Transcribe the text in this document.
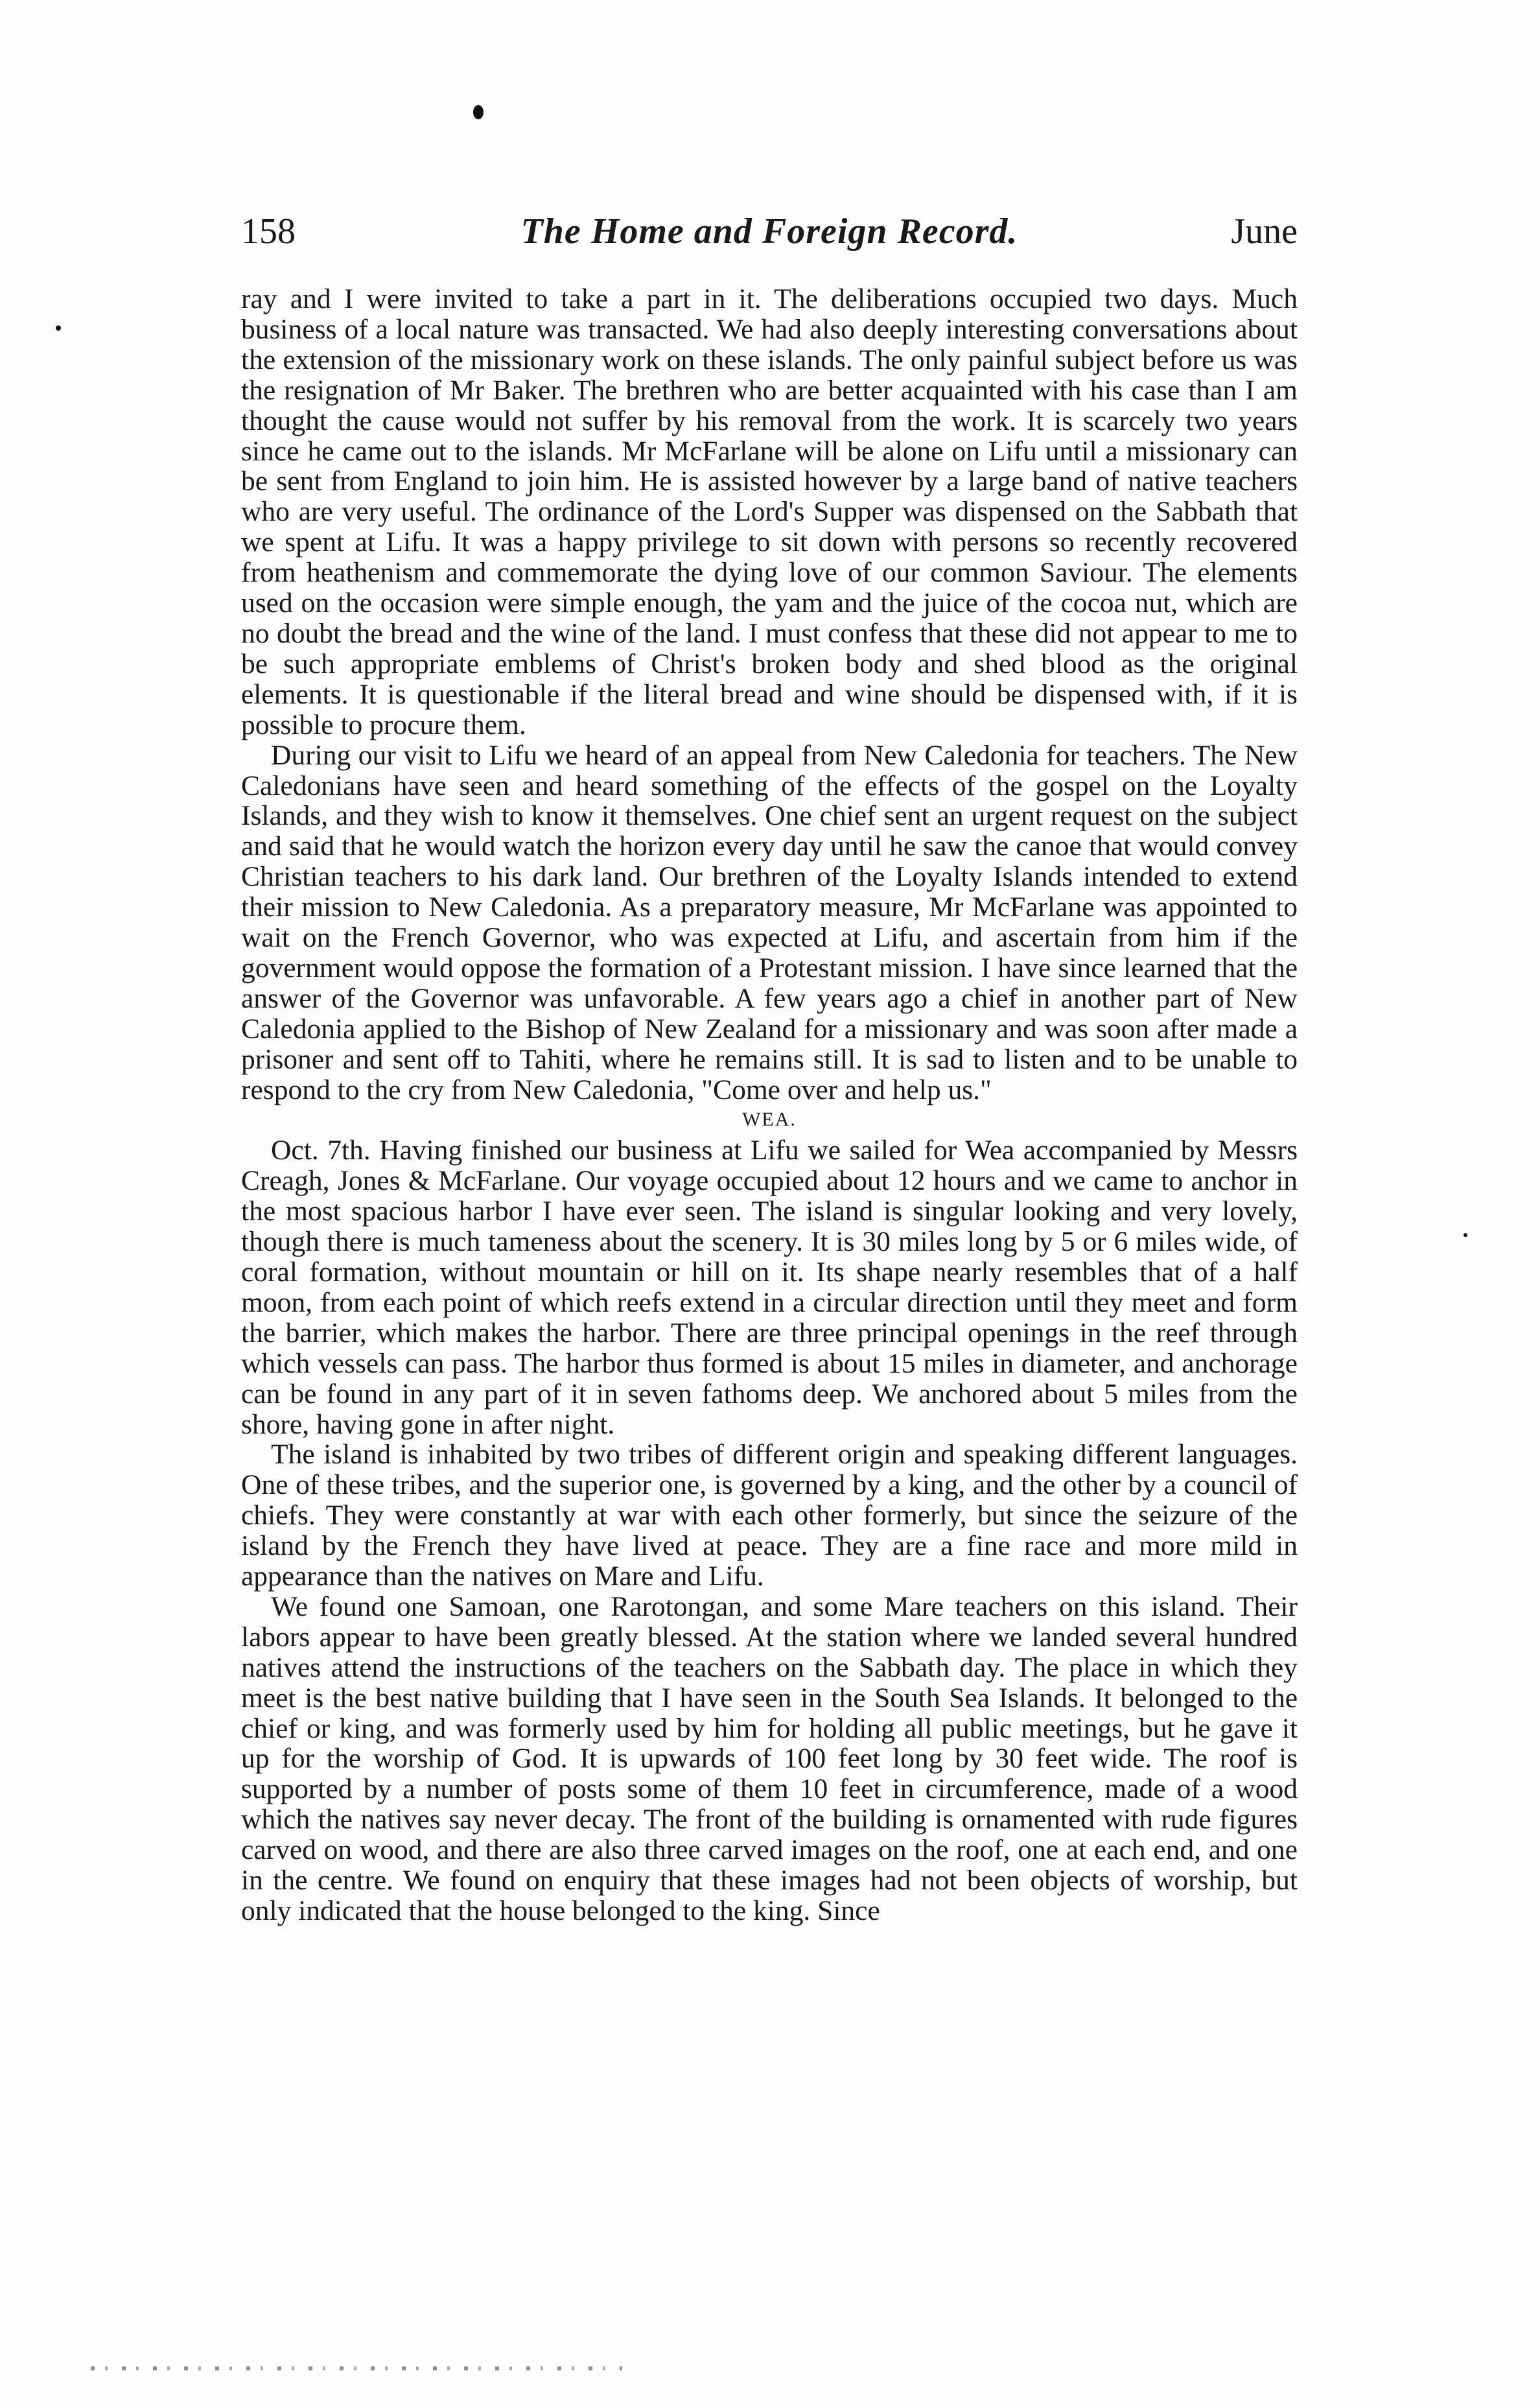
158	The Home and Foreign Record.	June

ray and I were invited to take a part in it. The deliberations occupied two days. Much business of a local nature was transacted. We had also deeply interesting conversations about the extension of the missionary work on these islands. The only painful subject before us was the resignation of Mr Baker. The brethren who are better acquainted with his case than I am thought the cause would not suffer by his removal from the work. It is scarcely two years since he came out to the islands. Mr McFarlane will be alone on Lifu until a missionary can be sent from England to join him. He is assisted however by a large band of native teachers who are very useful. The ordinance of the Lord's Supper was dispensed on the Sabbath that we spent at Lifu. It was a happy privilege to sit down with persons so recently recovered from heathenism and commemorate the dying love of our common Saviour. The elements used on the occasion were simple enough, the yam and the juice of the cocoa nut, which are no doubt the bread and the wine of the land. I must confess that these did not appear to me to be such appropriate emblems of Christ's broken body and shed blood as the original elements. It is questionable if the literal bread and wine should be dispensed with, if it is possible to procure them.

During our visit to Lifu we heard of an appeal from New Caledonia for teachers. The New Caledonians have seen and heard something of the effects of the gospel on the Loyalty Islands, and they wish to know it themselves. One chief sent an urgent request on the subject and said that he would watch the horizon every day until he saw the canoe that would convey Christian teachers to his dark land. Our brethren of the Loyalty Islands intended to extend their mission to New Caledonia. As a preparatory measure, Mr McFarlane was appointed to wait on the French Governor, who was expected at Lifu, and ascertain from him if the government would oppose the formation of a Protestant mission. I have since learned that the answer of the Governor was unfavorable. A few years ago a chief in another part of New Caledonia applied to the Bishop of New Zealand for a missionary and was soon after made a prisoner and sent off to Tahiti, where he remains still. It is sad to listen and to be unable to respond to the cry from New Caledonia, "Come over and help us."

WEA.

Oct. 7th. Having finished our business at Lifu we sailed for Wea accompanied by Messrs Creagh, Jones & McFarlane. Our voyage occupied about 12 hours and we came to anchor in the most spacious harbor I have ever seen. The island is singular looking and very lovely, though there is much tameness about the scenery. It is 30 miles long by 5 or 6 miles wide, of coral formation, without mountain or hill on it. Its shape nearly resembles that of a half moon, from each point of which reefs extend in a circular direction until they meet and form the barrier, which makes the harbor. There are three principal openings in the reef through which vessels can pass. The harbor thus formed is about 15 miles in diameter, and anchorage can be found in any part of it in seven fathoms deep. We anchored about 5 miles from the shore, having gone in after night.

The island is inhabited by two tribes of different origin and speaking different languages. One of these tribes, and the superior one, is governed by a king, and the other by a council of chiefs. They were constantly at war with each other formerly, but since the seizure of the island by the French they have lived at peace. They are a fine race and more mild in appearance than the natives on Mare and Lifu.

We found one Samoan, one Rarotongan, and some Mare teachers on this island. Their labors appear to have been greatly blessed. At the station where we landed several hundred natives attend the instructions of the teachers on the Sabbath day. The place in which they meet is the best native building that I have seen in the South Sea Islands. It belonged to the chief or king, and was formerly used by him for holding all public meetings, but he gave it up for the worship of God. It is upwards of 100 feet long by 30 feet wide. The roof is supported by a number of posts some of them 10 feet in circumference, made of a wood which the natives say never decay. The front of the building is ornamented with rude figures carved on wood, and there are also three carved images on the roof, one at each end, and one in the centre. We found on enquiry that these images had not been objects of worship, but only indicated that the house belonged to the king. Since
